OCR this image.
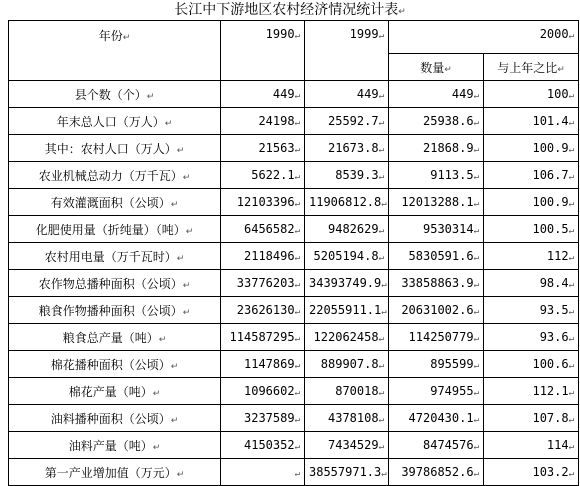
长江中下游地区农村经济情况统计表↵
年份↵	1990↵	1999↵	2000↵	
			数量↵	与上年之比↵
县个数（个）↵	449↵	449↵	449↵	100↵
年末总人口（万人）↵	24198↵	25592.7↵	25938.6↵	101.4↵
其中：农村人口（万人）↵	21563↵	21673.8↵	21868.9↵	100.9↵
农业机械总动力（万千瓦）↵	5622.1↵	8539.3↵	9113.5↵	106.7↵
有效灌溉面积（公顷）↵	12103396↵	11906812.8↵	12013288.1↵	100.9↵
化肥使用量（折纯量）（吨）↵	6456582↵	9482629↵	9530314↵	100.5↵
农村用电量（万千瓦时）↵	2118496↵	5205194.8↵	5830591.6↵	112↵
农作物总播种面积（公顷）↵	33776203↵	34393749.9↵	33858863.9↵	98.4↵
粮食作物播种面积（公顷）↵	23626130↵	22055911.1↵	20631002.6↵	93.5↵
粮食总产量（吨）↵	114587295↵	122062458↵	114250779↵	93.6↵
棉花播种面积（公顷）↵	1147869↵	889907.8↵	895599↵	100.6↵
棉花产量（吨）↵	1096602↵	870018↵	974955↵	112.1↵
油料播种面积（公顷）↵	3237589↵	4378108↵	4720430.1↵	107.8↵
油料产量（吨）↵	4150352↵	7434529↵	8474576↵	114↵
第一产业增加值（万元）↵	↵	38557971.3↵	39786852.6↵	103.2↵
